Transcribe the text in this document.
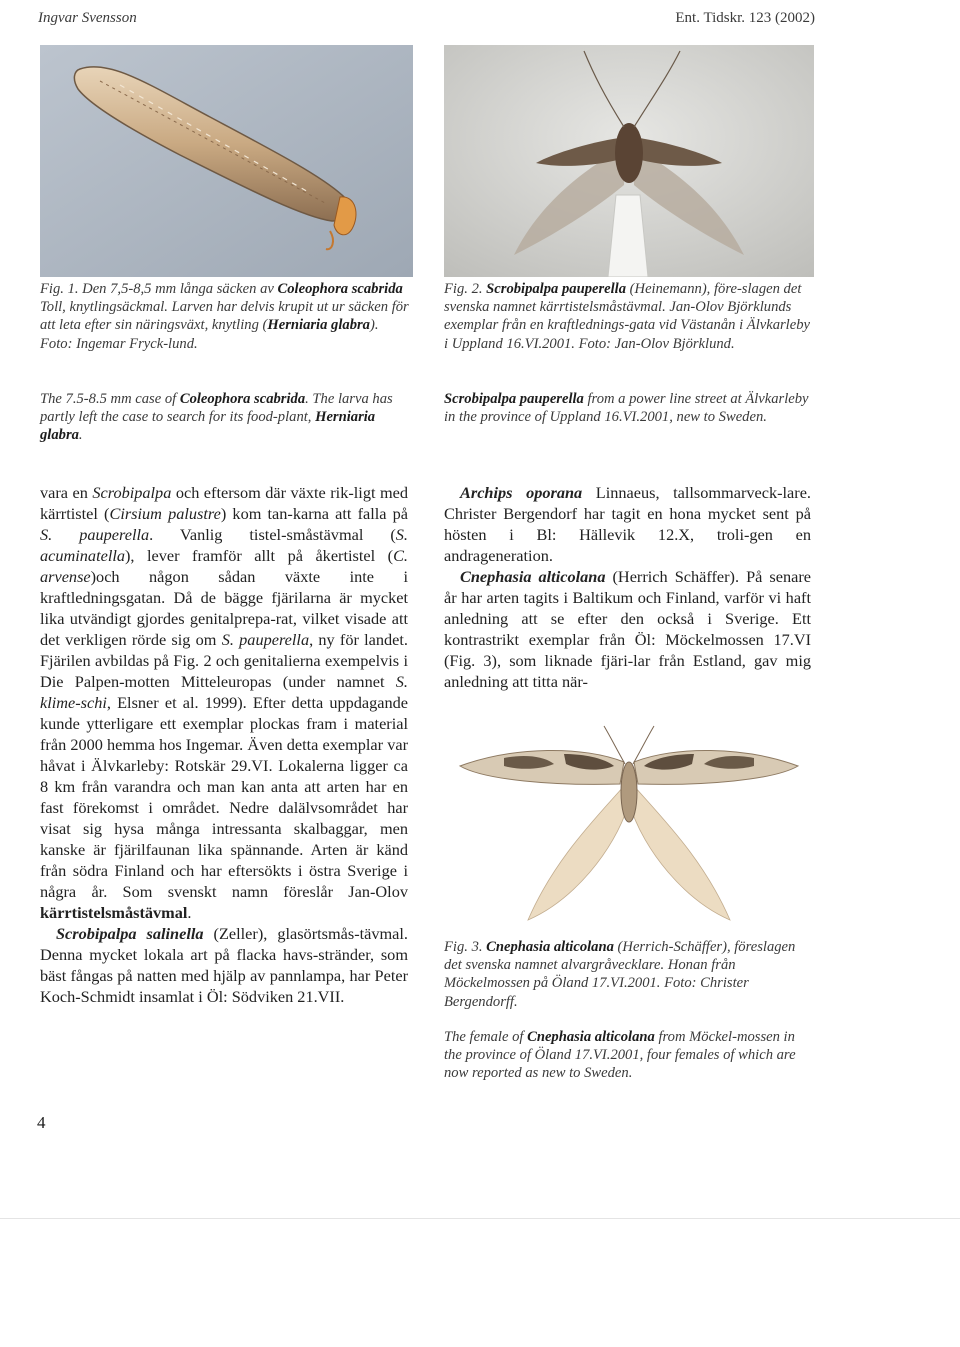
Ingvar Svensson	Ent. Tidskr. 123 (2002)

Fig. 1. Den 7,5-8,5 mm långa säcken av Coleophora scabrida Toll, knytlingsäckmal. Larven har delvis krupit ut ur säcken för att leta efter sin näringsväxt, knytling (Herniaria glabra). Foto: Ingemar Fryck-lund.

The 7.5-8.5 mm case of Coleophora scabrida. The larva has partly left the case to search for its food-plant, Herniaria glabra.

Fig. 2. Scrobipalpa pauperella (Heinemann), före-slagen det svenska namnet kärrtistelsmåstävmal. Jan-Olov Björklunds exemplar från en kraftlednings-gata vid Västanån i Älvkarleby i Uppland 16.VI.2001. Foto: Jan-Olov Björklund.

Scrobipalpa pauperella from a power line street at Älvkarleby in the province of Uppland 16.VI.2001, new to Sweden.

vara en Scrobipalpa och eftersom där växte rik-ligt med kärrtistel (Cirsium palustre) kom tan-karna att falla på S. pauperella. Vanlig tistel-småstävmal (S. acuminatella), lever framför allt på åkertistel (C. arvense)och någon sådan växte inte i kraftledningsgatan. Då de bägge fjärilarna är mycket lika utvändigt gjordes genitalprepa-rat, vilket visade att det verkligen rörde sig om S. pauperella, ny för landet. Fjärilen avbildas på Fig. 2 och genitalierna exempelvis i Die Palpen-motten Mitteleuropas (under namnet S. klime-schi, Elsner et al. 1999). Efter detta uppdagande kunde ytterligare ett exemplar plockas fram i material från 2000 hemma hos Ingemar. Även detta exemplar var håvat i Älvkarleby: Rotskär 29.VI. Lokalerna ligger ca 8 km från varandra och man kan anta att arten har en fast förekomst i området. Nedre dalälvsområdet har visat sig hysa många intressanta skalbaggar, men kanske är fjärilfaunan lika spännande. Arten är känd från södra Finland och har eftersökts i östra Sverige i några år. Som svenskt namn föreslår Jan-Olov kärrtistelsmåstävmal.

Scrobipalpa salinella (Zeller), glasörtsmås-tävmal. Denna mycket lokala art på flacka havs-stränder, som bäst fångas på natten med hjälp av pannlampa, har Peter Koch-Schmidt insamlat i Öl: Södviken 21.VII.

Archips oporana Linnaeus, tallsommarveck-lare. Christer Bergendorf har tagit en hona mycket sent på hösten i Bl: Hällevik 12.X, troli-gen en andrageneration.

Cnephasia alticolana (Herrich Schäffer). På senare år har arten tagits i Baltikum och Finland, varför vi haft anledning att se efter den också i Sverige. Ett kontrastrikt exemplar från Öl: Möckelmossen 17.VI (Fig. 3), som liknade fjäri-lar från Estland, gav mig anledning att titta när-

Fig. 3. Cnephasia alticolana (Herrich-Schäffer), föreslagen det svenska namnet alvargråvecklare. Honan från Möckelmossen på Öland 17.VI.2001. Foto: Christer Bergendorff.

The female of Cnephasia alticolana from Möckel-mossen in the province of Öland 17.VI.2001, four females of which are now reported as new to Sweden.

4
